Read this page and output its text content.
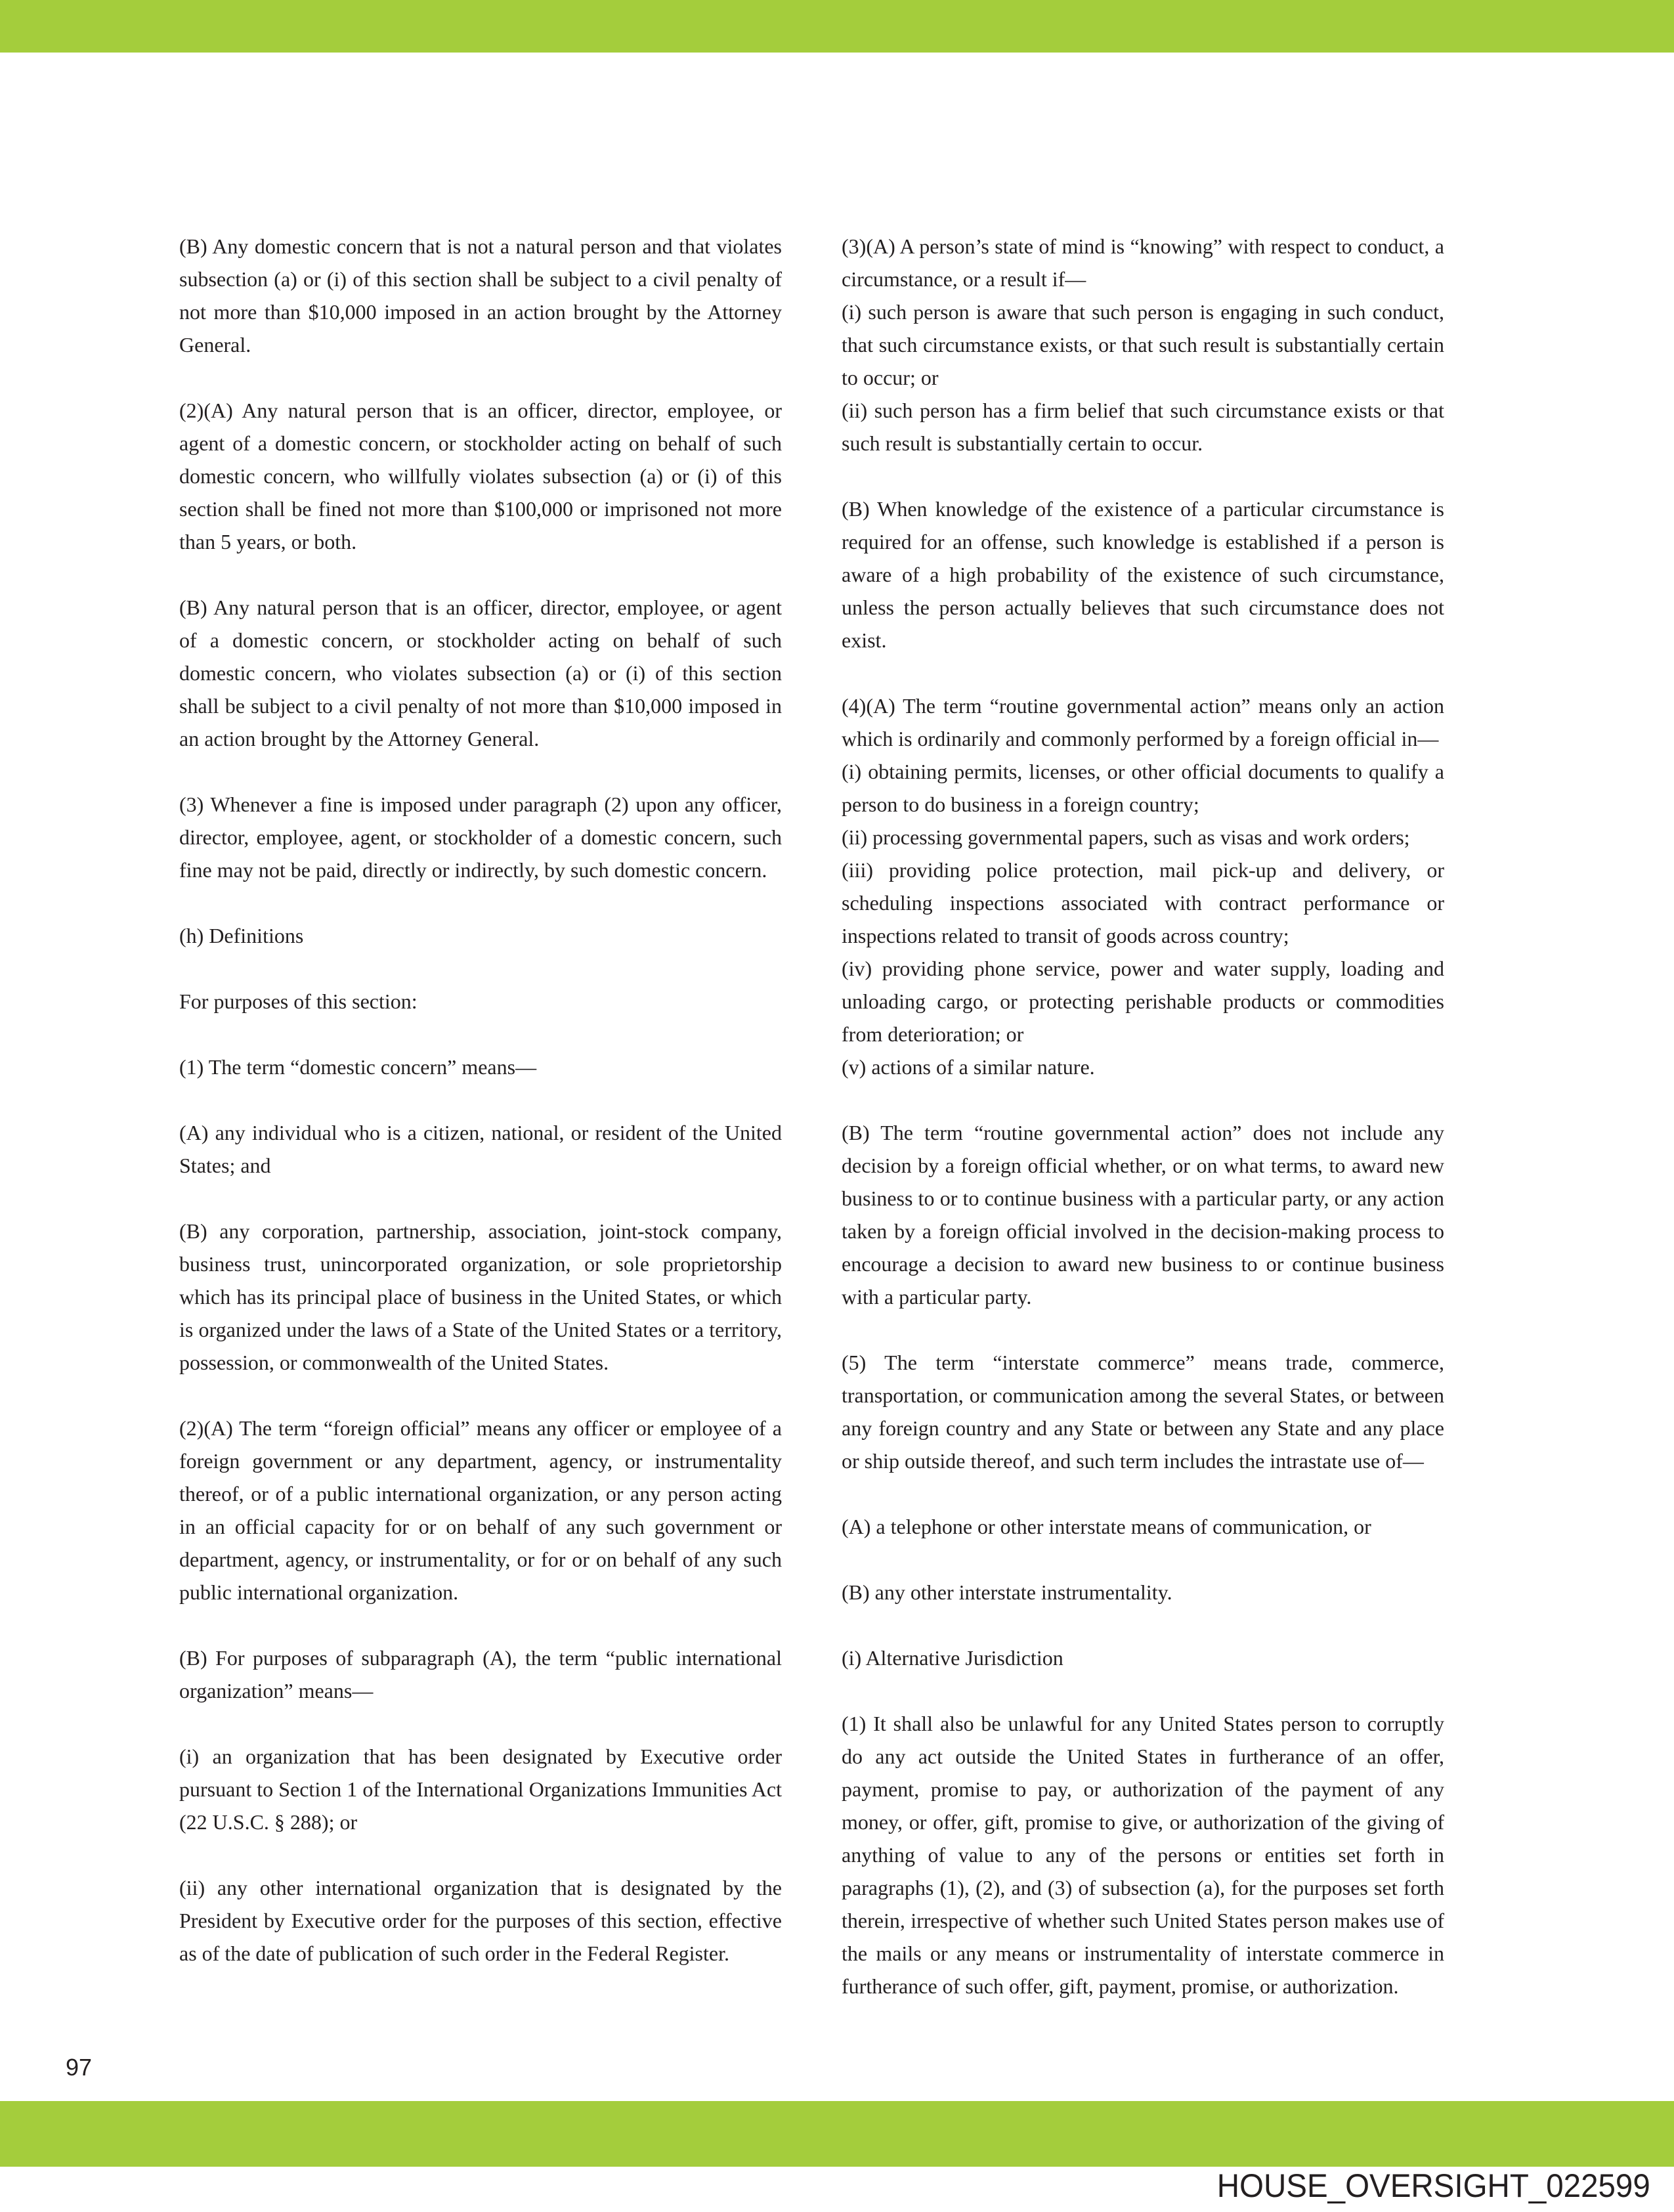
(B) Any domestic concern that is not a natural person and that violates subsection (a) or (i) of this section shall be subject to a civil penalty of not more than $10,000 imposed in an action brought by the Attorney General.

(2)(A) Any natural person that is an officer, director, employee, or agent of a domestic concern, or stockholder acting on behalf of such domestic concern, who willfully violates subsection (a) or (i) of this section shall be fined not more than $100,000 or imprisoned not more than 5 years, or both.

(B) Any natural person that is an officer, director, employee, or agent of a domestic concern, or stockholder acting on behalf of such domestic concern, who violates subsection (a) or (i) of this section shall be subject to a civil penalty of not more than $10,000 imposed in an action brought by the Attorney General.

(3) Whenever a fine is imposed under paragraph (2) upon any officer, director, employee, agent, or stockholder of a domestic concern, such fine may not be paid, directly or indirectly, by such domestic concern.

(h) Definitions

For purposes of this section:

(1) The term “domestic concern” means—

(A) any individual who is a citizen, national, or resident of the United States; and

(B) any corporation, partnership, association, joint-stock company, business trust, unincorporated organization, or sole proprietorship which has its principal place of business in the United States, or which is organized under the laws of a State of the United States or a territory, possession, or commonwealth of the United States.

(2)(A) The term “foreign official” means any officer or employee of a foreign government or any department, agency, or instrumentality thereof, or of a public international organization, or any person acting in an official capacity for or on behalf of any such government or department, agency, or instrumentality, or for or on behalf of any such public international organization.

(B) For purposes of subparagraph (A), the term “public international organization” means—

(i) an organization that has been designated by Executive order pursuant to Section 1 of the International Organizations Immunities Act (22 U.S.C. § 288); or

(ii) any other international organization that is designated by the President by Executive order for the purposes of this section, effective as of the date of publication of such order in the Federal Register.

(3)(A) A person’s state of mind is “knowing” with respect to conduct, a circumstance, or a result if—

(i) such person is aware that such person is engaging in such conduct, that such circumstance exists, or that such result is substantially certain to occur; or

(ii) such person has a firm belief that such circumstance exists or that such result is substantially certain to occur.

(B) When knowledge of the existence of a particular circumstance is required for an offense, such knowledge is established if a person is aware of a high probability of the existence of such circumstance, unless the person actually believes that such circumstance does not exist.

(4)(A) The term “routine governmental action” means only an action which is ordinarily and commonly performed by a foreign official in—

(i) obtaining permits, licenses, or other official documents to qualify a person to do business in a foreign country;

(ii) processing governmental papers, such as visas and work orders;

(iii) providing police protection, mail pick-up and delivery, or scheduling inspections associated with contract performance or inspections related to transit of goods across country;

(iv) providing phone service, power and water supply, loading and unloading cargo, or protecting perishable products or commodities from deterioration; or

(v) actions of a similar nature.

(B) The term “routine governmental action” does not include any decision by a foreign official whether, or on what terms, to award new business to or to continue business with a particular party, or any action taken by a foreign official involved in the decision-making process to encourage a decision to award new business to or continue business with a particular party.

(5) The term “interstate commerce” means trade, commerce, transportation, or communication among the several States, or between any foreign country and any State or between any State and any place or ship outside thereof, and such term includes the intrastate use of—

(A) a telephone or other interstate means of communication, or

(B) any other interstate instrumentality.

(i) Alternative Jurisdiction

(1) It shall also be unlawful for any United States person to corruptly do any act outside the United States in furtherance of an offer, payment, promise to pay, or authorization of the payment of any money, or offer, gift, promise to give, or authorization of the giving of anything of value to any of the persons or entities set forth in paragraphs (1), (2), and (3) of subsection (a), for the purposes set forth therein, irrespective of whether such United States person makes use of the mails or any means or instrumentality of interstate commerce in furtherance of such offer, gift, payment, promise, or authorization.

97
HOUSE_OVERSIGHT_022599
